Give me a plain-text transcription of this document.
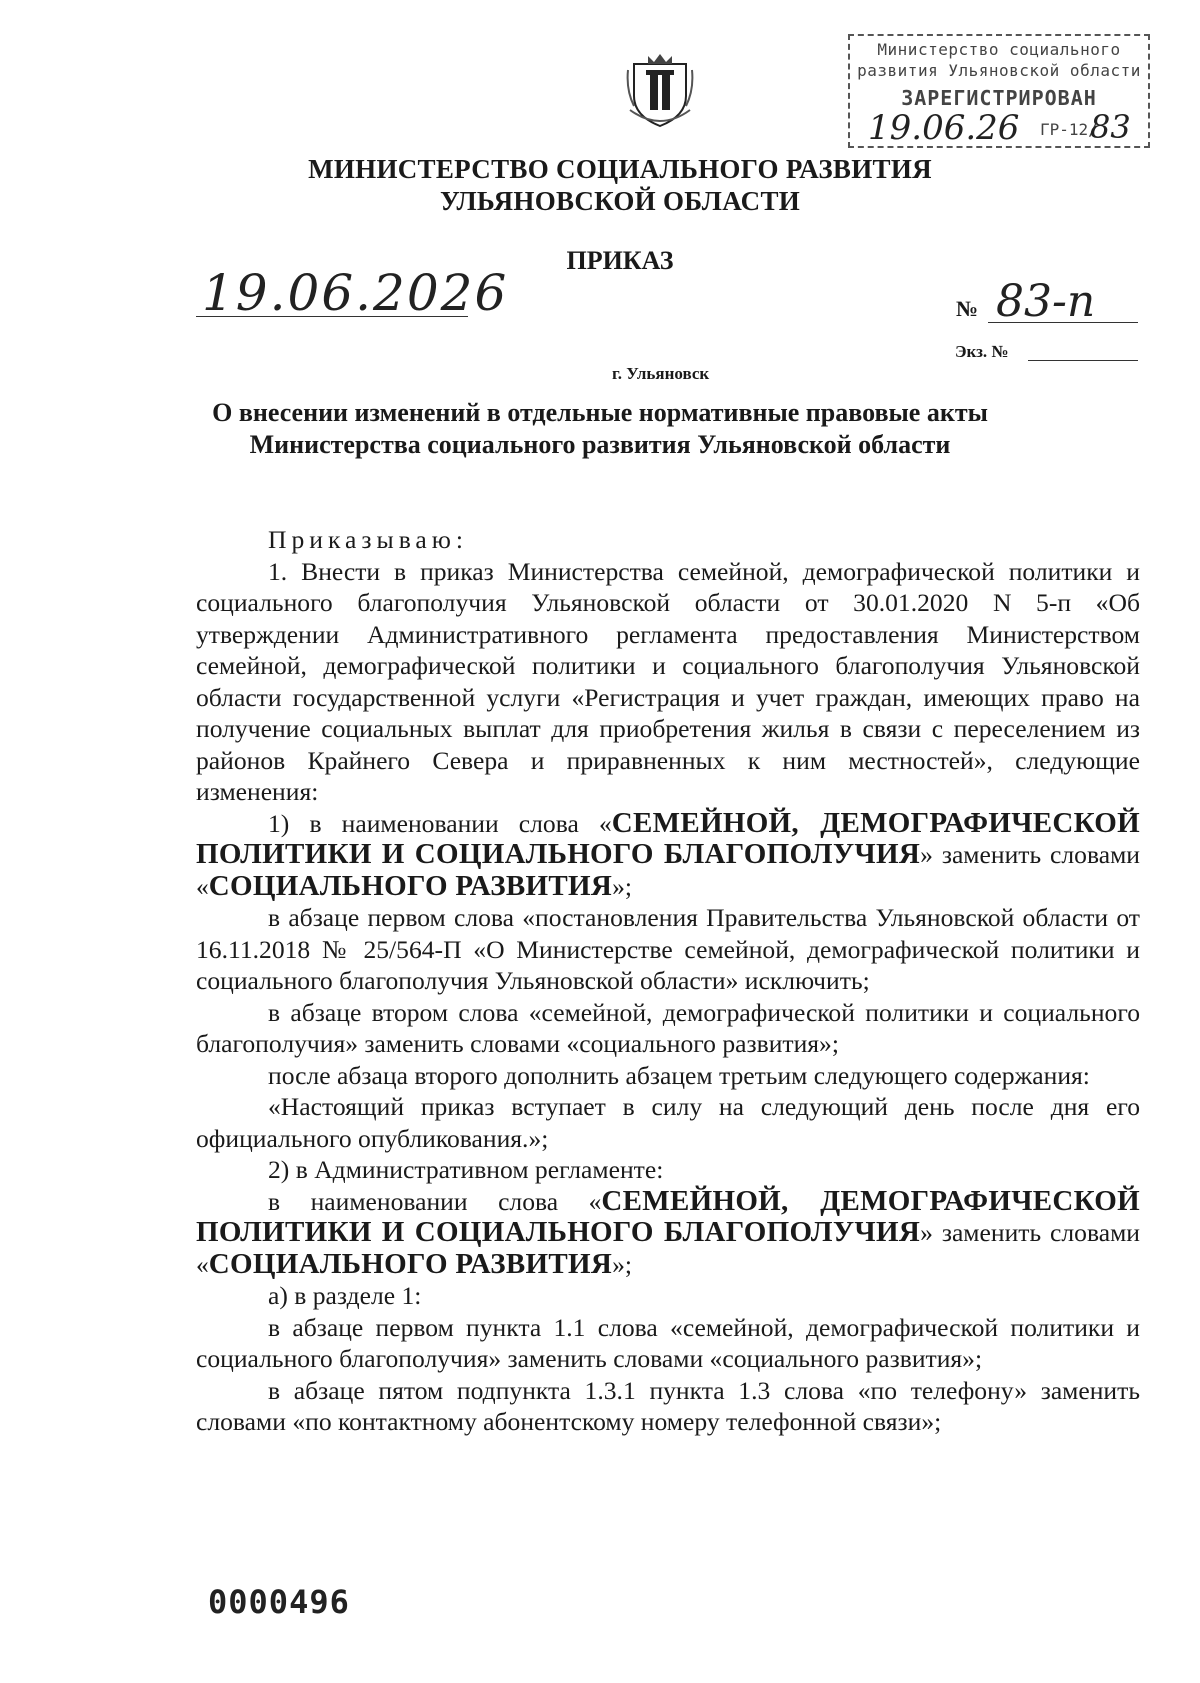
Министерство социального
развития Ульяновской области
ЗАРЕГИСТРИРОВАН
19.06.26 ГР-12/
83
МИНИСТЕРСТВО СОЦИАЛЬНОГО РАЗВИТИЯ
УЛЬЯНОВСКОЙ ОБЛАСТИ
ПРИКАЗ
19.06.2026	№ 83-п
Экз. №
г. Ульяновск
О внесении изменений в отдельные нормативные правовые акты
Министерства социального развития Ульяновской области

Приказываю:

1. Внести в приказ Министерства семейной, демографической политики и социального благополучия Ульяновской области от 30.01.2020 N 5-п «Об утверждении Административного регламента предоставления Министерством семейной, демографической политики и социального благополучия Ульяновской области государственной услуги «Регистрация и учет граждан, имеющих право на получение социальных выплат для приобретения жилья в связи с переселением из районов Крайнего Севера и приравненных к ним местностей», следующие изменения:

1) в наименовании слова «СЕМЕЙНОЙ, ДЕМОГРАФИЧЕСКОЙ ПОЛИТИКИ И СОЦИАЛЬНОГО БЛАГОПОЛУЧИЯ» заменить словами «СОЦИАЛЬНОГО РАЗВИТИЯ»;

в абзаце первом слова «постановления Правительства Ульяновской области от 16.11.2018 № 25/564-П «О Министерстве семейной, демографической политики и социального благополучия Ульяновской области» исключить;

в абзаце втором слова «семейной, демографической политики и социального благополучия» заменить словами «социального развития»;

после абзаца второго дополнить абзацем третьим следующего содержания:

«Настоящий приказ вступает в силу на следующий день после дня его официального опубликования.»;

2) в Административном регламенте:

в наименовании слова «СЕМЕЙНОЙ, ДЕМОГРАФИЧЕСКОЙ ПОЛИТИКИ И СОЦИАЛЬНОГО БЛАГОПОЛУЧИЯ» заменить словами «СОЦИАЛЬНОГО РАЗВИТИЯ»;

а) в разделе 1:

в абзаце первом пункта 1.1 слова «семейной, демографической политики и социального благополучия» заменить словами «социального развития»;

в абзаце пятом подпункта 1.3.1 пункта 1.3 слова «по телефону» заменить словами «по контактному абонентскому номеру телефонной связи»;

0000496
